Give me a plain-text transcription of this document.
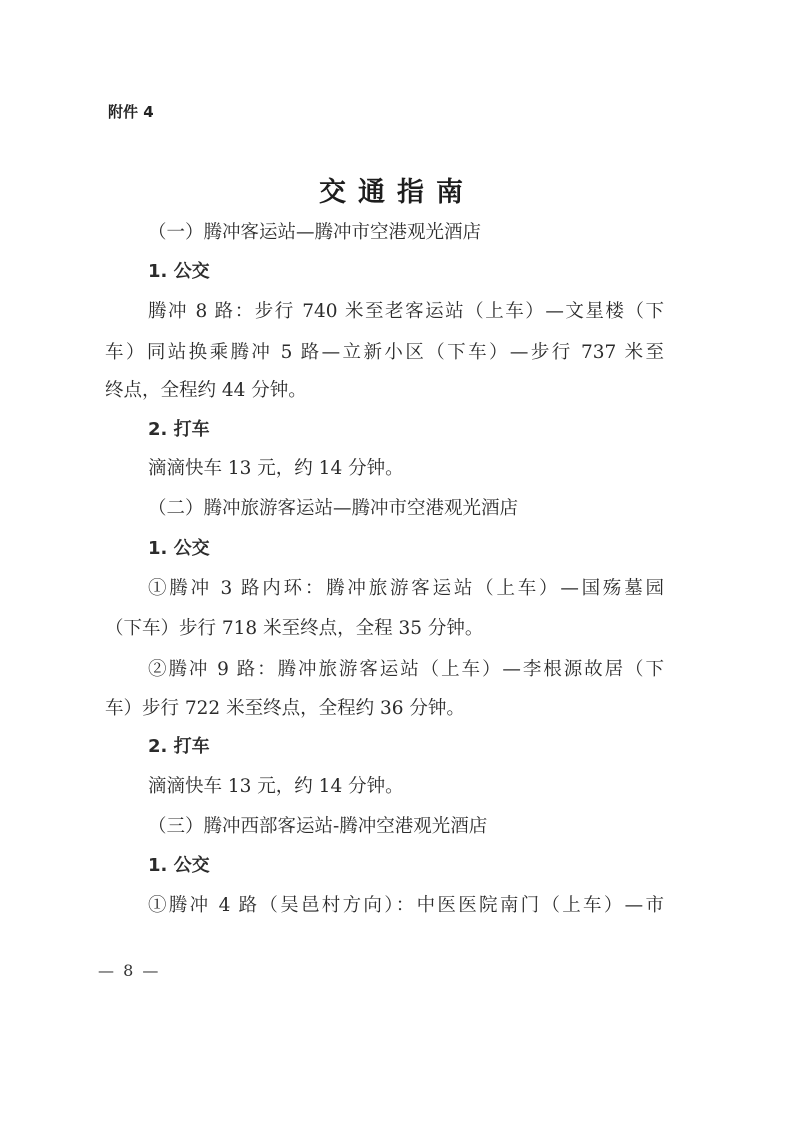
附件 4
交通指南
（一）腾冲客运站—腾冲市空港观光酒店
1. 公交
腾冲 8 路：步行 740 米至老客运站（上车）—文星楼（下
车）同站换乘腾冲 5 路—立新小区（下车）—步行 737 米至
终点，全程约 44 分钟。
2. 打车
滴滴快车 13 元，约 14 分钟。
（二）腾冲旅游客运站—腾冲市空港观光酒店
1. 公交
①腾冲 3 路内环：腾冲旅游客运站（上车）—国殇墓园
（下车）步行 718 米至终点，全程 35 分钟。
②腾冲 9 路：腾冲旅游客运站（上车）—李根源故居（下
车）步行 722 米至终点，全程约 36 分钟。
2. 打车
滴滴快车 13 元，约 14 分钟。
（三）腾冲西部客运站-腾冲空港观光酒店
1. 公交
①腾冲 4 路（吴邑村方向）：中医医院南门（上车）—市
— 8 —
